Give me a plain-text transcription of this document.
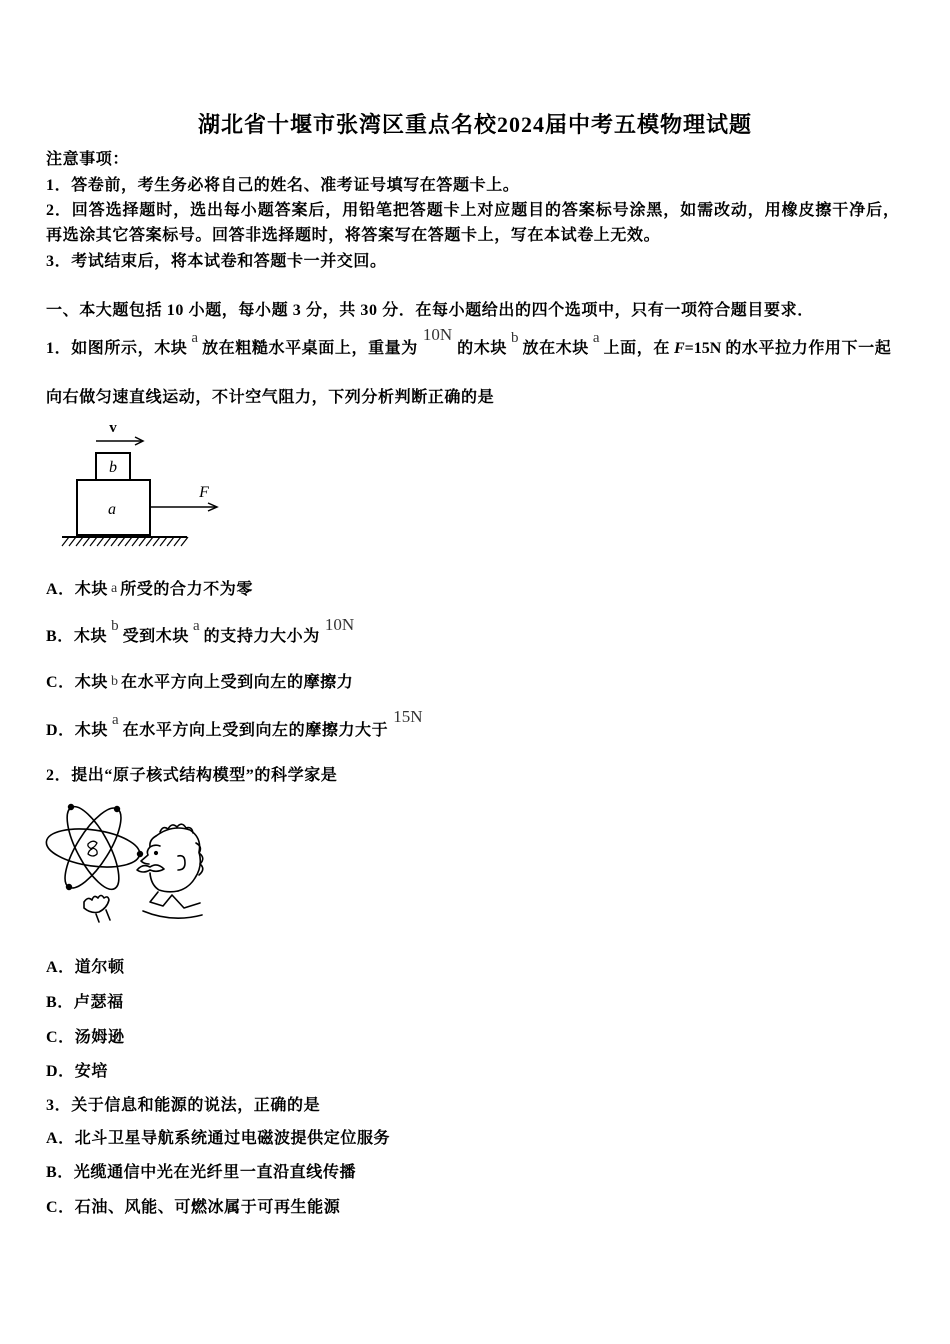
湖北省十堰市张湾区重点名校2024届中考五模物理试题
注意事项：
1．答卷前，考生务必将自己的姓名、准考证号填写在答题卡上。
2．回答选择题时，选出每小题答案后，用铅笔把答题卡上对应题目的答案标号涂黑，如需改动，用橡皮擦干净后，
再选涂其它答案标号。回答非选择题时，将答案写在答题卡上，写在本试卷上无效。
3．考试结束后，将本试卷和答题卡一并交回。
一、本大题包括 10 小题，每小题 3 分，共 30 分．在每小题给出的四个选项中，只有一项符合题目要求．
1．如图所示，木块
a
放在粗糙水平桌面上，重量为
10N
的木块
b
放在木块
a
上面，在 F=15N 的水平拉力作用下一起
向右做匀速直线运动，不计空气阻力，下列分析判断正确的是
v
b
a
F
A．木块 a 所受的合力不为零
B．木块
b
受到木块
a
的支持力大小为
10N
C．木块 b 在水平方向上受到向左的摩擦力
D．木块
a
在水平方向上受到向左的摩擦力大于
15N
2．提出“原子核式结构模型”的科学家是
A．道尔顿
B．卢瑟福
C．汤姆逊
D．安培
3．关于信息和能源的说法，正确的是
A．北斗卫星导航系统通过电磁波提供定位服务
B．光缆通信中光在光纤里一直沿直线传播
C．石油、风能、可燃冰属于可再生能源
